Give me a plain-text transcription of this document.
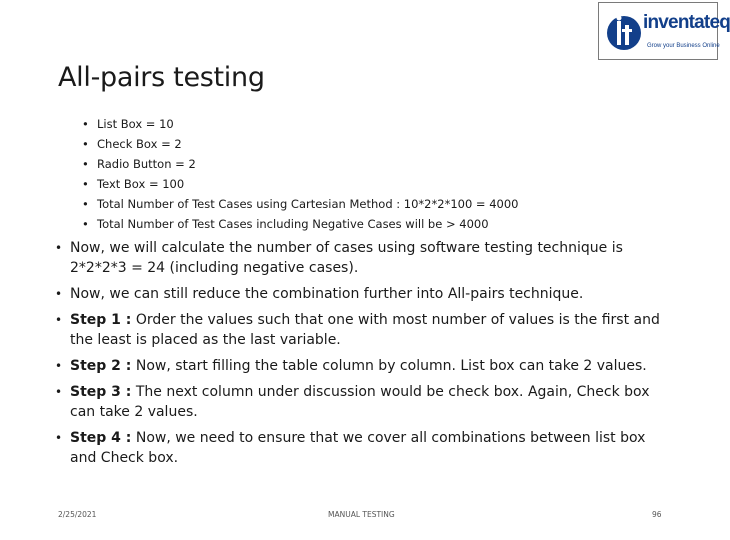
inventateq
Grow your Business Online
All-pairs testing
• List Box = 10
• Check Box = 2
• Radio Button = 2
• Text Box = 100
• Total Number of Test Cases using Cartesian Method : 10*2*2*100 = 4000
• Total Number of Test Cases including Negative Cases will be > 4000
• Now, we will calculate the number of cases using software testing technique is 2*2*2*3 = 24 (including negative cases).
• Now, we can still reduce the combination further into All-pairs technique.
• Step 1 : Order the values such that one with most number of values is the first and the least is placed as the last variable.
• Step 2 : Now, start filling the table column by column. List box can take 2 values.
• Step 3 : The next column under discussion would be check box. Again, Check box can take 2 values.
• Step 4 : Now, we need to ensure that we cover all combinations between list box and Check box.
2/25/2021	MANUAL TESTING	96
